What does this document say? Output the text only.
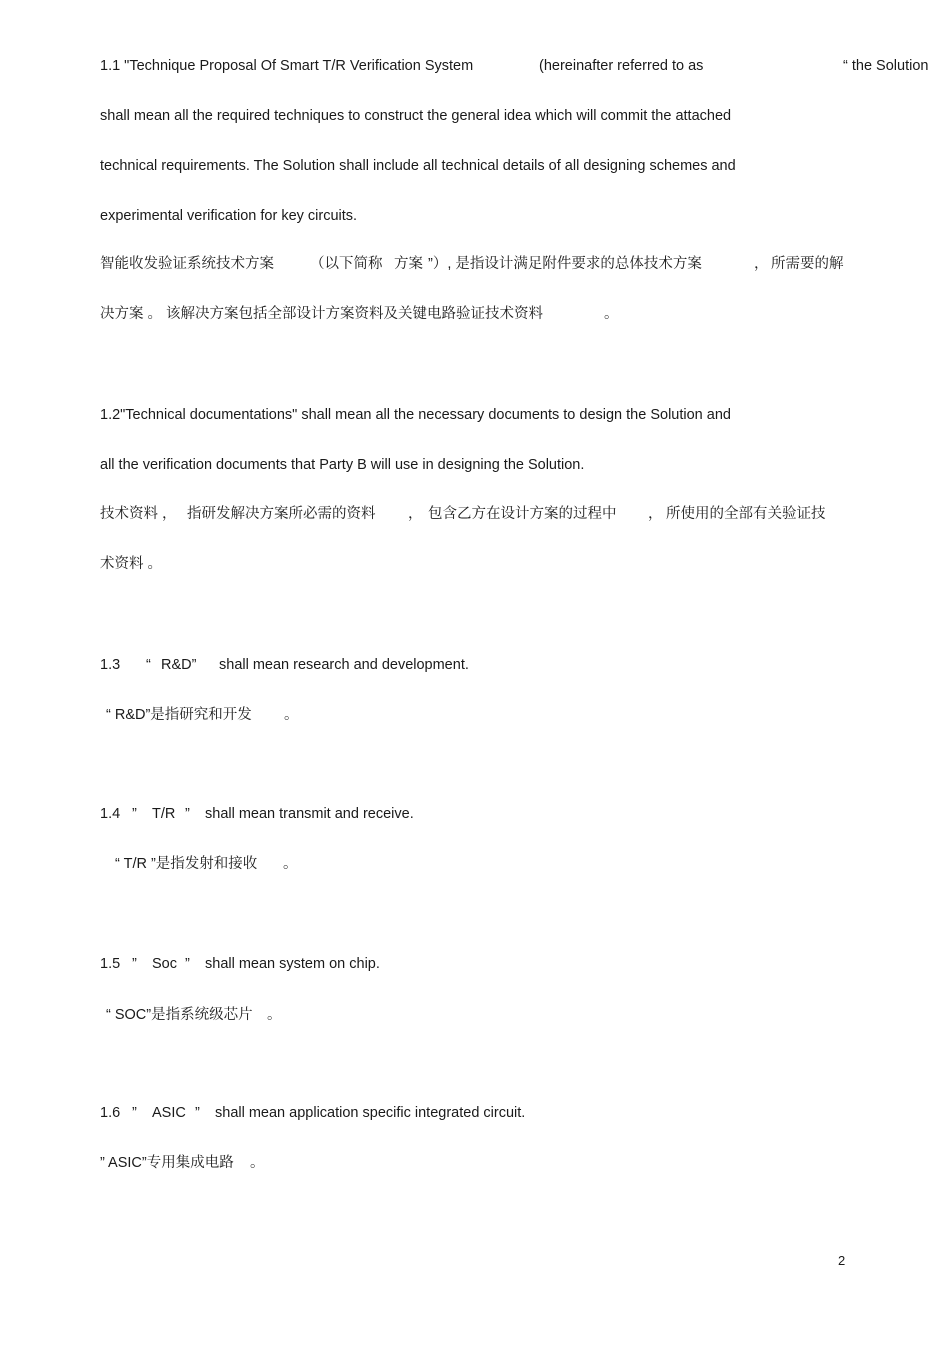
1.1 "Technique Proposal Of Smart T/R Verification System	(hereinafter referred to as	“ the Solution
shall mean all the required techniques to construct the general idea which will commit the attached
technical requirements. The Solution shall include all technical details of all designing schemes and
experimental verification for key circuits.
智能收发验证系统技术方案 （以下简称 方案 ”）, 是指设计满足附件要求的总体技术方案	， 所需要的解
决方案 。 该解决方案包括全部设计方案资料及关键电路验证技术资料	。
1.2"Technical documentations" shall mean all the necessary documents to design the Solution and
all the verification documents that Party B will use in designing the Solution.
技术资料 ， 指研发解决方案所必需的资料 ， 包含乙方在设计方案的过程中 ， 所使用的全部有关验证技
术资料 。
1.3 “ R&D” shall mean research and development.
“ R&D”是指研究和开发 。
1.4 ” T/R ” shall mean transmit and receive.
“ T/R ”是指发射和接收 。
1.5 ” Soc ” shall mean system on chip.
“ SOC”是指系统级芯片 。
1.6 ” ASIC ” shall mean application specific integrated circuit.
” ASIC”专用集成电路 。
2
